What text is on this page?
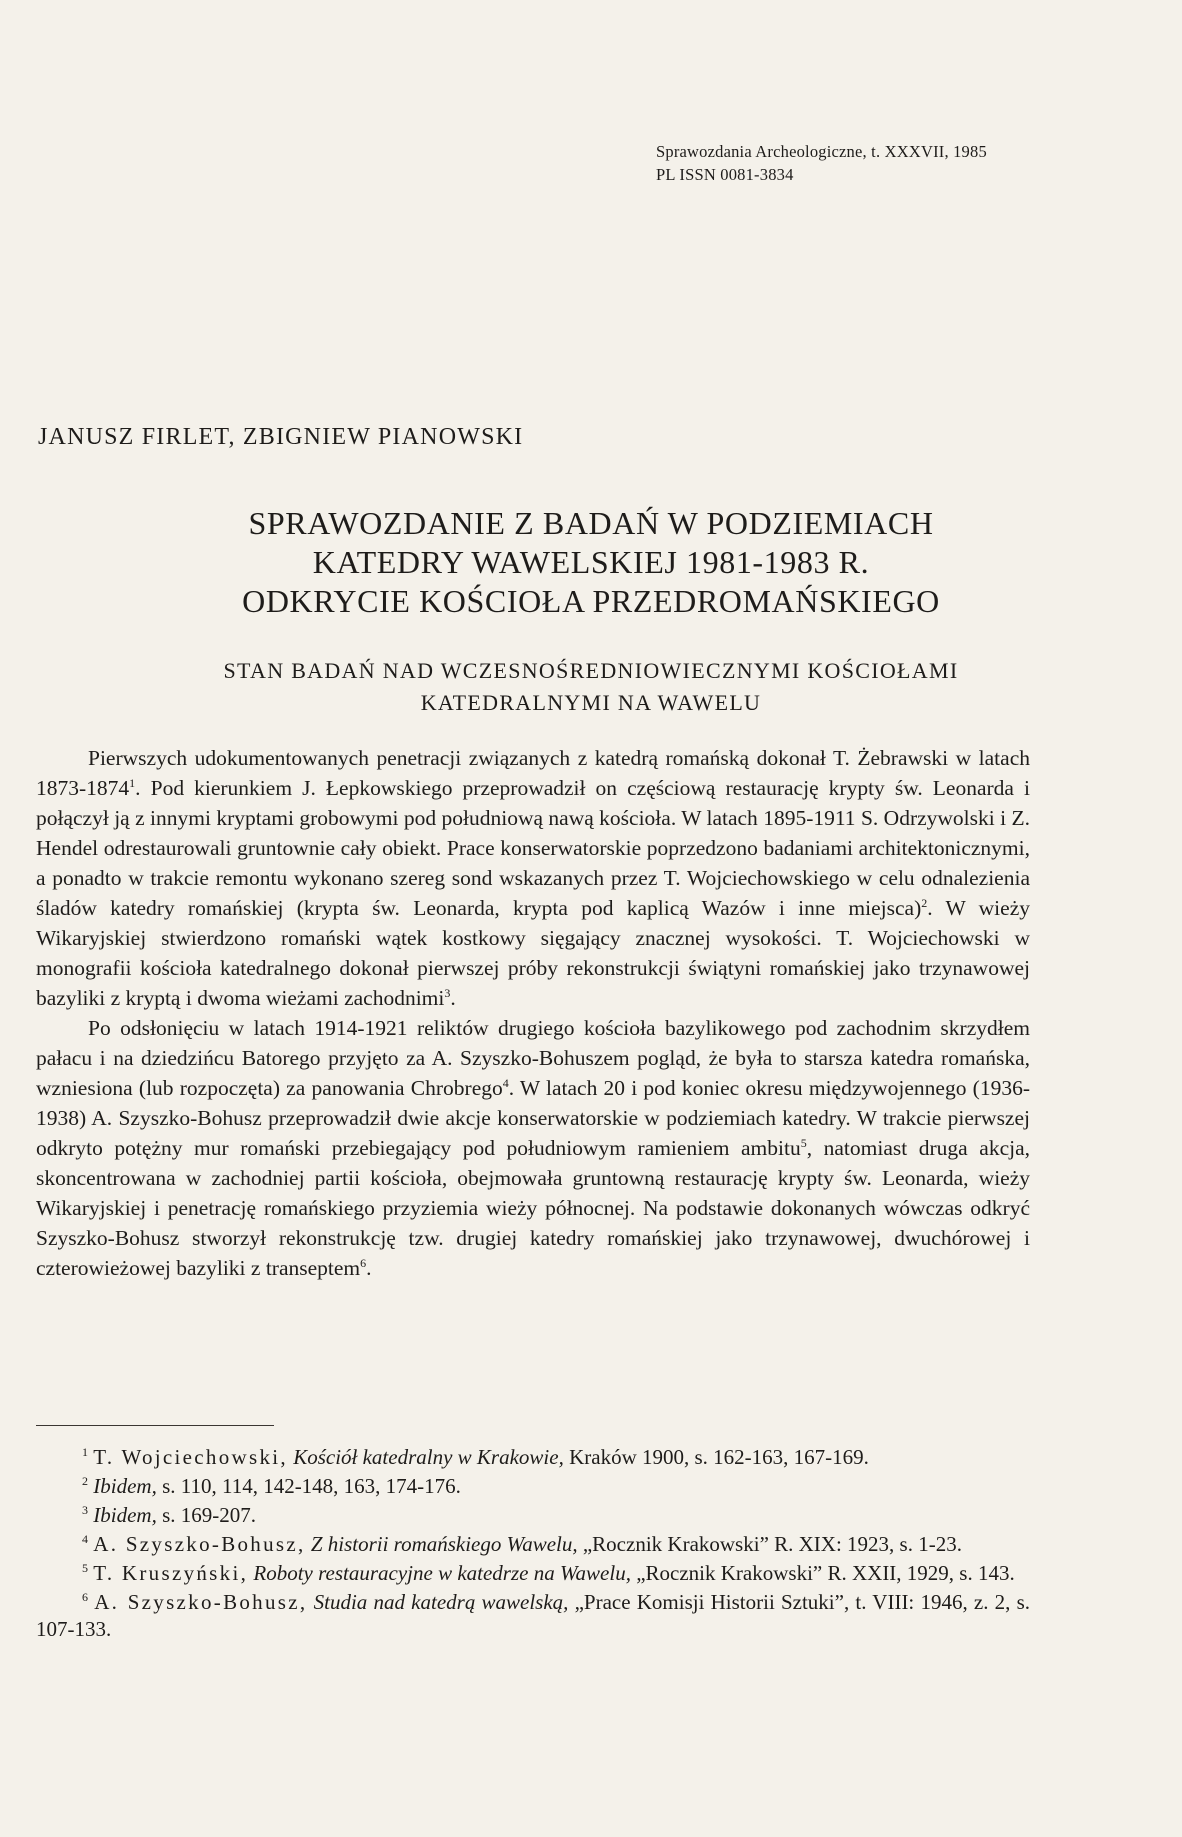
Sprawozdania Archeologiczne, t. XXXVII, 1985
PL ISSN 0081-3834
JANUSZ FIRLET, ZBIGNIEW PIANOWSKI
SPRAWOZDANIE Z BADAŃ W PODZIEMIACH
KATEDRY WAWELSKIEJ 1981-1983 R.
ODKRYCIE KOŚCIOŁA PRZEDROMAŃSKIEGO
STAN BADAŃ NAD WCZESNOŚREDNIOWIECZNYMI KOŚCIOŁAMI
KATEDRALNYMI NA WAWELU

Pierwszych udokumentowanych penetracji związanych z katedrą romańską dokonał T. Żebrawski w latach 1873-1874$^1$. Pod kierunkiem J. Łepkowskiego przeprowadził on częściową restaurację krypty św. Leonarda i połączył ją z innymi kryptami grobowymi pod południową nawą kościoła. W latach 1895-1911 S. Odrzywolski i Z. Hendel odrestaurowali gruntownie cały obiekt. Prace konserwatorskie poprzedzono badaniami architektonicznymi, a ponadto w trakcie remontu wykonano szereg sond wskazanych przez T. Wojciechowskiego w celu odnalezienia śladów katedry romańskiej (krypta św. Leonarda, krypta pod kaplicą Wazów i inne miejsca)$^2$. W wieży Wikaryjskiej stwierdzono romański wątek kostkowy sięgający znacznej wysokości. T. Wojciechowski w monografii kościoła katedralnego dokonał pierwszej próby rekonstrukcji świątyni romańskiej jako trzynawowej bazyliki z kryptą i dwoma wieżami zachodnimi$^3$.

Po odsłonięciu w latach 1914-1921 reliktów drugiego kościoła bazylikowego pod zachodnim skrzydłem pałacu i na dziedzińcu Batorego przyjęto za A. Szyszko-Bohuszem pogląd, że była to starsza katedra romańska, wzniesiona (lub rozpoczęta) za panowania Chrobrego$^4$. W latach 20 i pod koniec okresu międzywojennego (1936-1938) A. Szyszko-Bohusz przeprowadził dwie akcje konserwatorskie w podziemiach katedry. W trakcie pierwszej odkryto potężny mur romański przebiegający pod południowym ramieniem ambitu$^5$, natomiast druga akcja, skoncentrowana w zachodniej partii kościoła, obejmowała gruntowną restaurację krypty św. Leonarda, wieży Wikaryjskiej i penetrację romańskiego przyziemia wieży północnej. Na podstawie dokonanych wówczas odkryć Szyszko-Bohusz stworzył rekonstrukcję tzw. drugiej katedry romańskiej jako trzynawowej, dwuchórowej i czterowieżowej bazyliki z transeptem$^6$.

$^1$ T. Wojciechowski, Kościół katedralny w Krakowie, Kraków 1900, s. 162-163, 167-169.
$^2$ Ibidem, s. 110, 114, 142-148, 163, 174-176.
$^3$ Ibidem, s. 169-207.
$^4$ A. Szyszko-Bohusz, Z historii romańskiego Wawelu, „Rocznik Krakowski” R. XIX: 1923, s. 1-23.
$^5$ T. Kruszyński, Roboty restauracyjne w katedrze na Wawelu, „Rocznik Krakowski” R. XXII, 1929, s. 143.
$^6$ A. Szyszko-Bohusz, Studia nad katedrą wawelską, „Prace Komisji Historii Sztuki”, t. VIII: 1946, z. 2, s. 107-133.
